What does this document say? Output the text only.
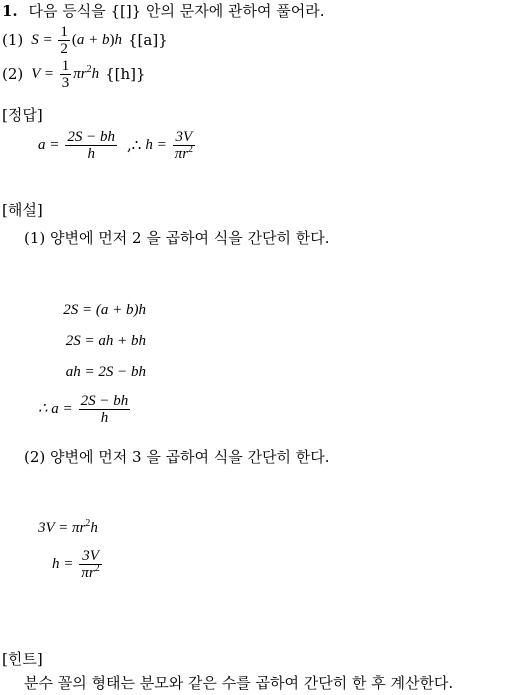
1. 다음 등식을 {[]} 안의 문자에 관하여 풀어라.
(1) $S = \frac{1}{2} (a + b)h$ {[a]}
(2) $V = \frac{1}{3} \pi r^2h$ {[h]}
[정답]
$a = \frac{2S - bh}{h}$ ,∴ $h = \frac{3V}{\pi r^2}$
[해설]
(1) 양변에 먼저 2 을 곱하여 식을 간단히 한다.
2S = (a + b)h
2S = ah + bh
ah = 2S − bh
∴ $a = \frac{2S - bh}{h}$
(2) 양변에 먼저 3 을 곱하여 식을 간단히 한다.
$3V = \pi r^2h$
$h = \frac{3V}{\pi r^2}$
[힌트]
분수 꼴의 형태는 분모와 같은 수를 곱하여 간단히 한 후 계산한다.
